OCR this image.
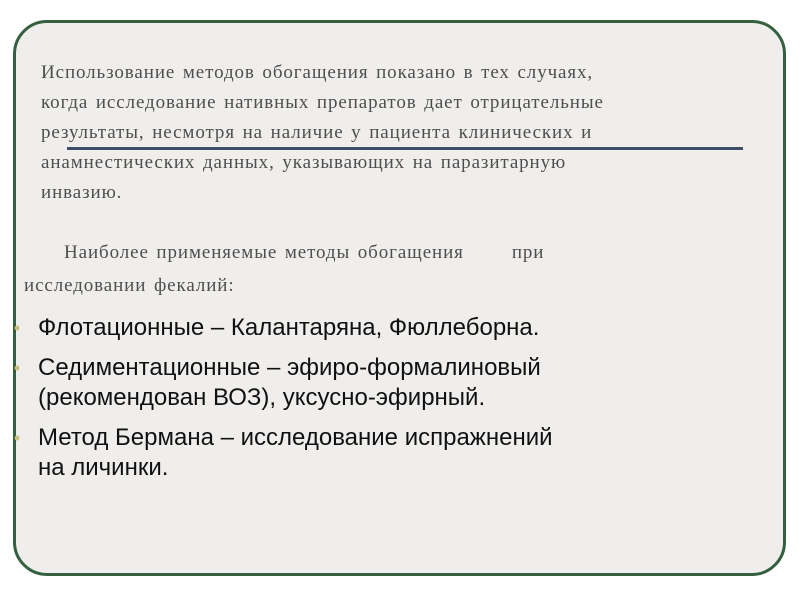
Использование методов обогащения показано в тех случаях,
когда исследование нативных препаратов дает отрицательные
результаты, несмотря на наличие у пациента клинических и
анамнестических данных, указывающих на паразитарную
инвазию.

Наиболее применяемые методы обогащения	при
исследовании фекалий:

• Флотационные – Калантаряна, Фюллеборна.
• Седиментационные – эфиро-формалиновый
(рекомендован ВОЗ), уксусно-эфирный.
• Метод Бермана – исследование испражнений
на личинки.
